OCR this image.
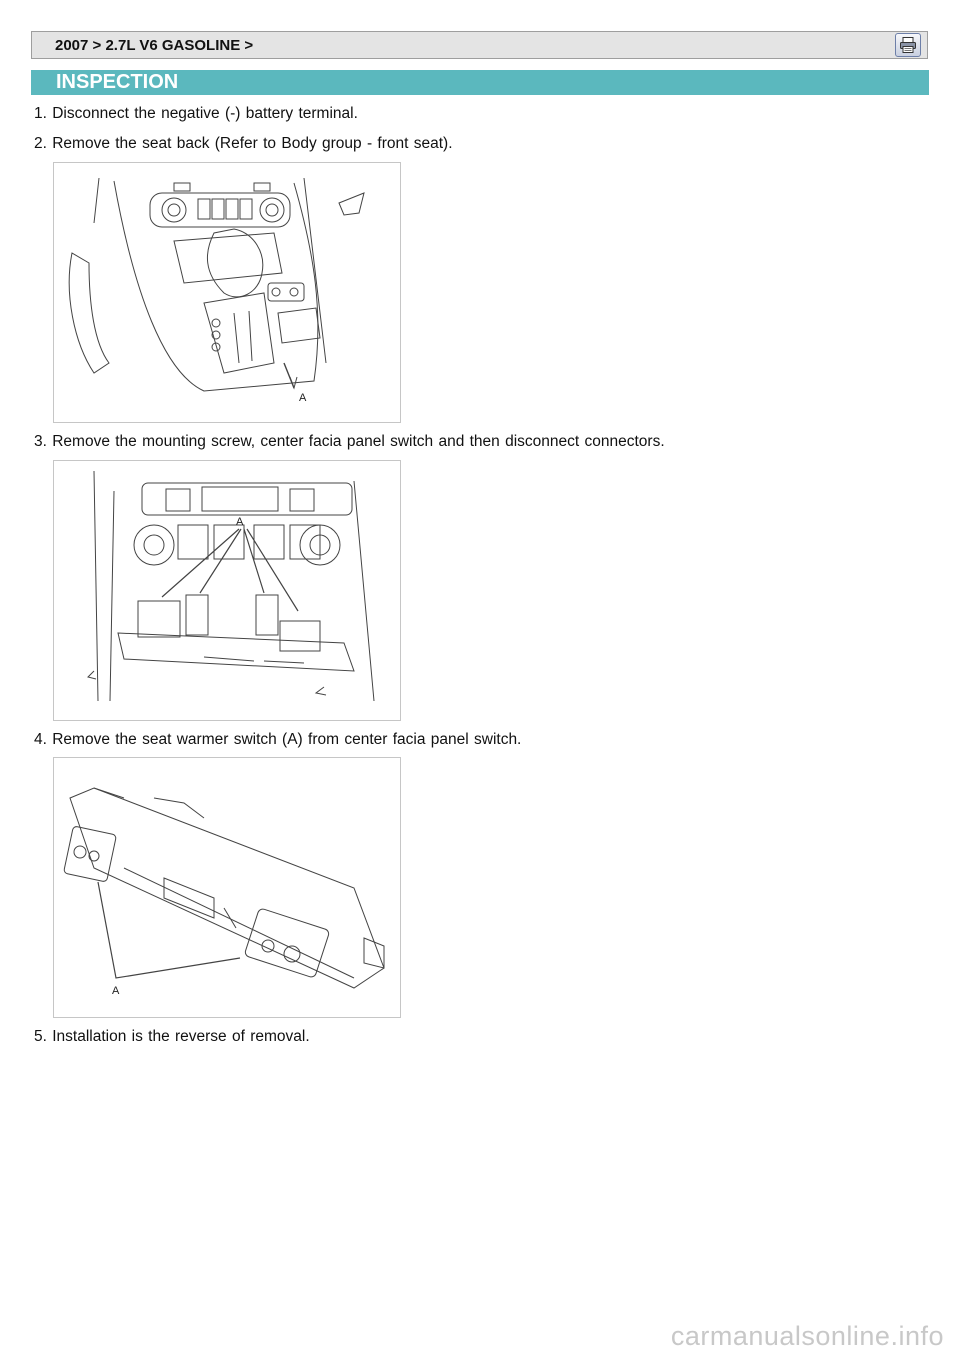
2007 > 2.7L V6 GASOLINE >
INSPECTION
1. Disconnect the negative (-) battery terminal.
2. Remove the seat back (Refer to Body group - front seat).
A
3. Remove the mounting screw, center facia panel switch and then disconnect connectors.
A
4. Remove the seat warmer switch (A) from center facia panel switch.
A
5. Installation is the reverse of removal.
carmanualsonline.info
